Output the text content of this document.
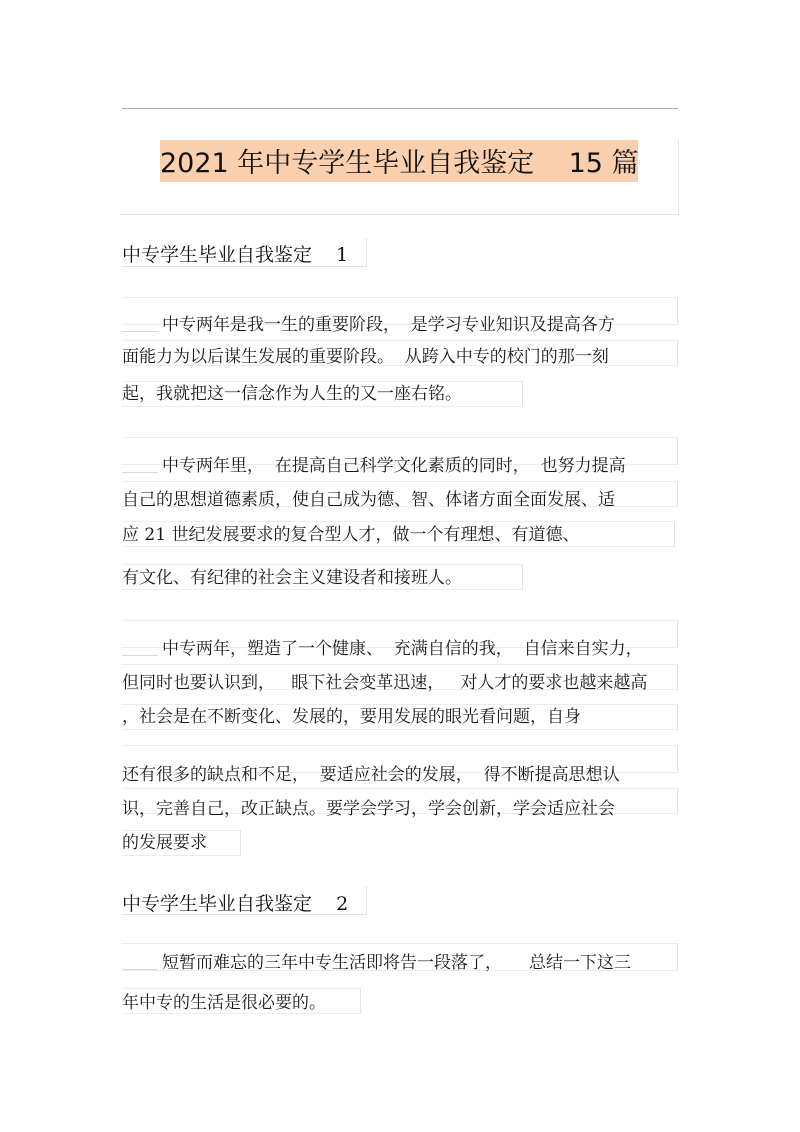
2021 年中专学生毕业自我鉴定    15 篇
中专学生毕业自我鉴定    1
中专两年是我一生的重要阶段，  是学习专业知识及提高各方
面能力为以后谋生发展的重要阶段。  从跨入中专的校门的那一刻
起，我就把这一信念作为人生的又一座右铭。
中专两年里，  在提高自己科学文化素质的同时，  也努力提高
自己的思想道德素质，使自己成为德、智、体诸方面全面发展、适
应 21 世纪发展要求的复合型人才，做一个有理想、有道德、
有文化、有纪律的社会主义建设者和接班人。
中专两年，塑造了一个健康、  充满自信的我，  自信来自实力，
但同时也要认识到，   眼下社会变革迅速，   对人才的要求也越来越高
，社会是在不断变化、发展的，要用发展的眼光看问题，自身
还有很多的缺点和不足，  要适应社会的发展，  得不断提高思想认
识，完善自己，改正缺点。要学会学习，学会创新，学会适应社会
的发展要求
中专学生毕业自我鉴定    2
短暂而难忘的三年中专生活即将告一段落了，     总结一下这三
年中专的生活是很必要的。
